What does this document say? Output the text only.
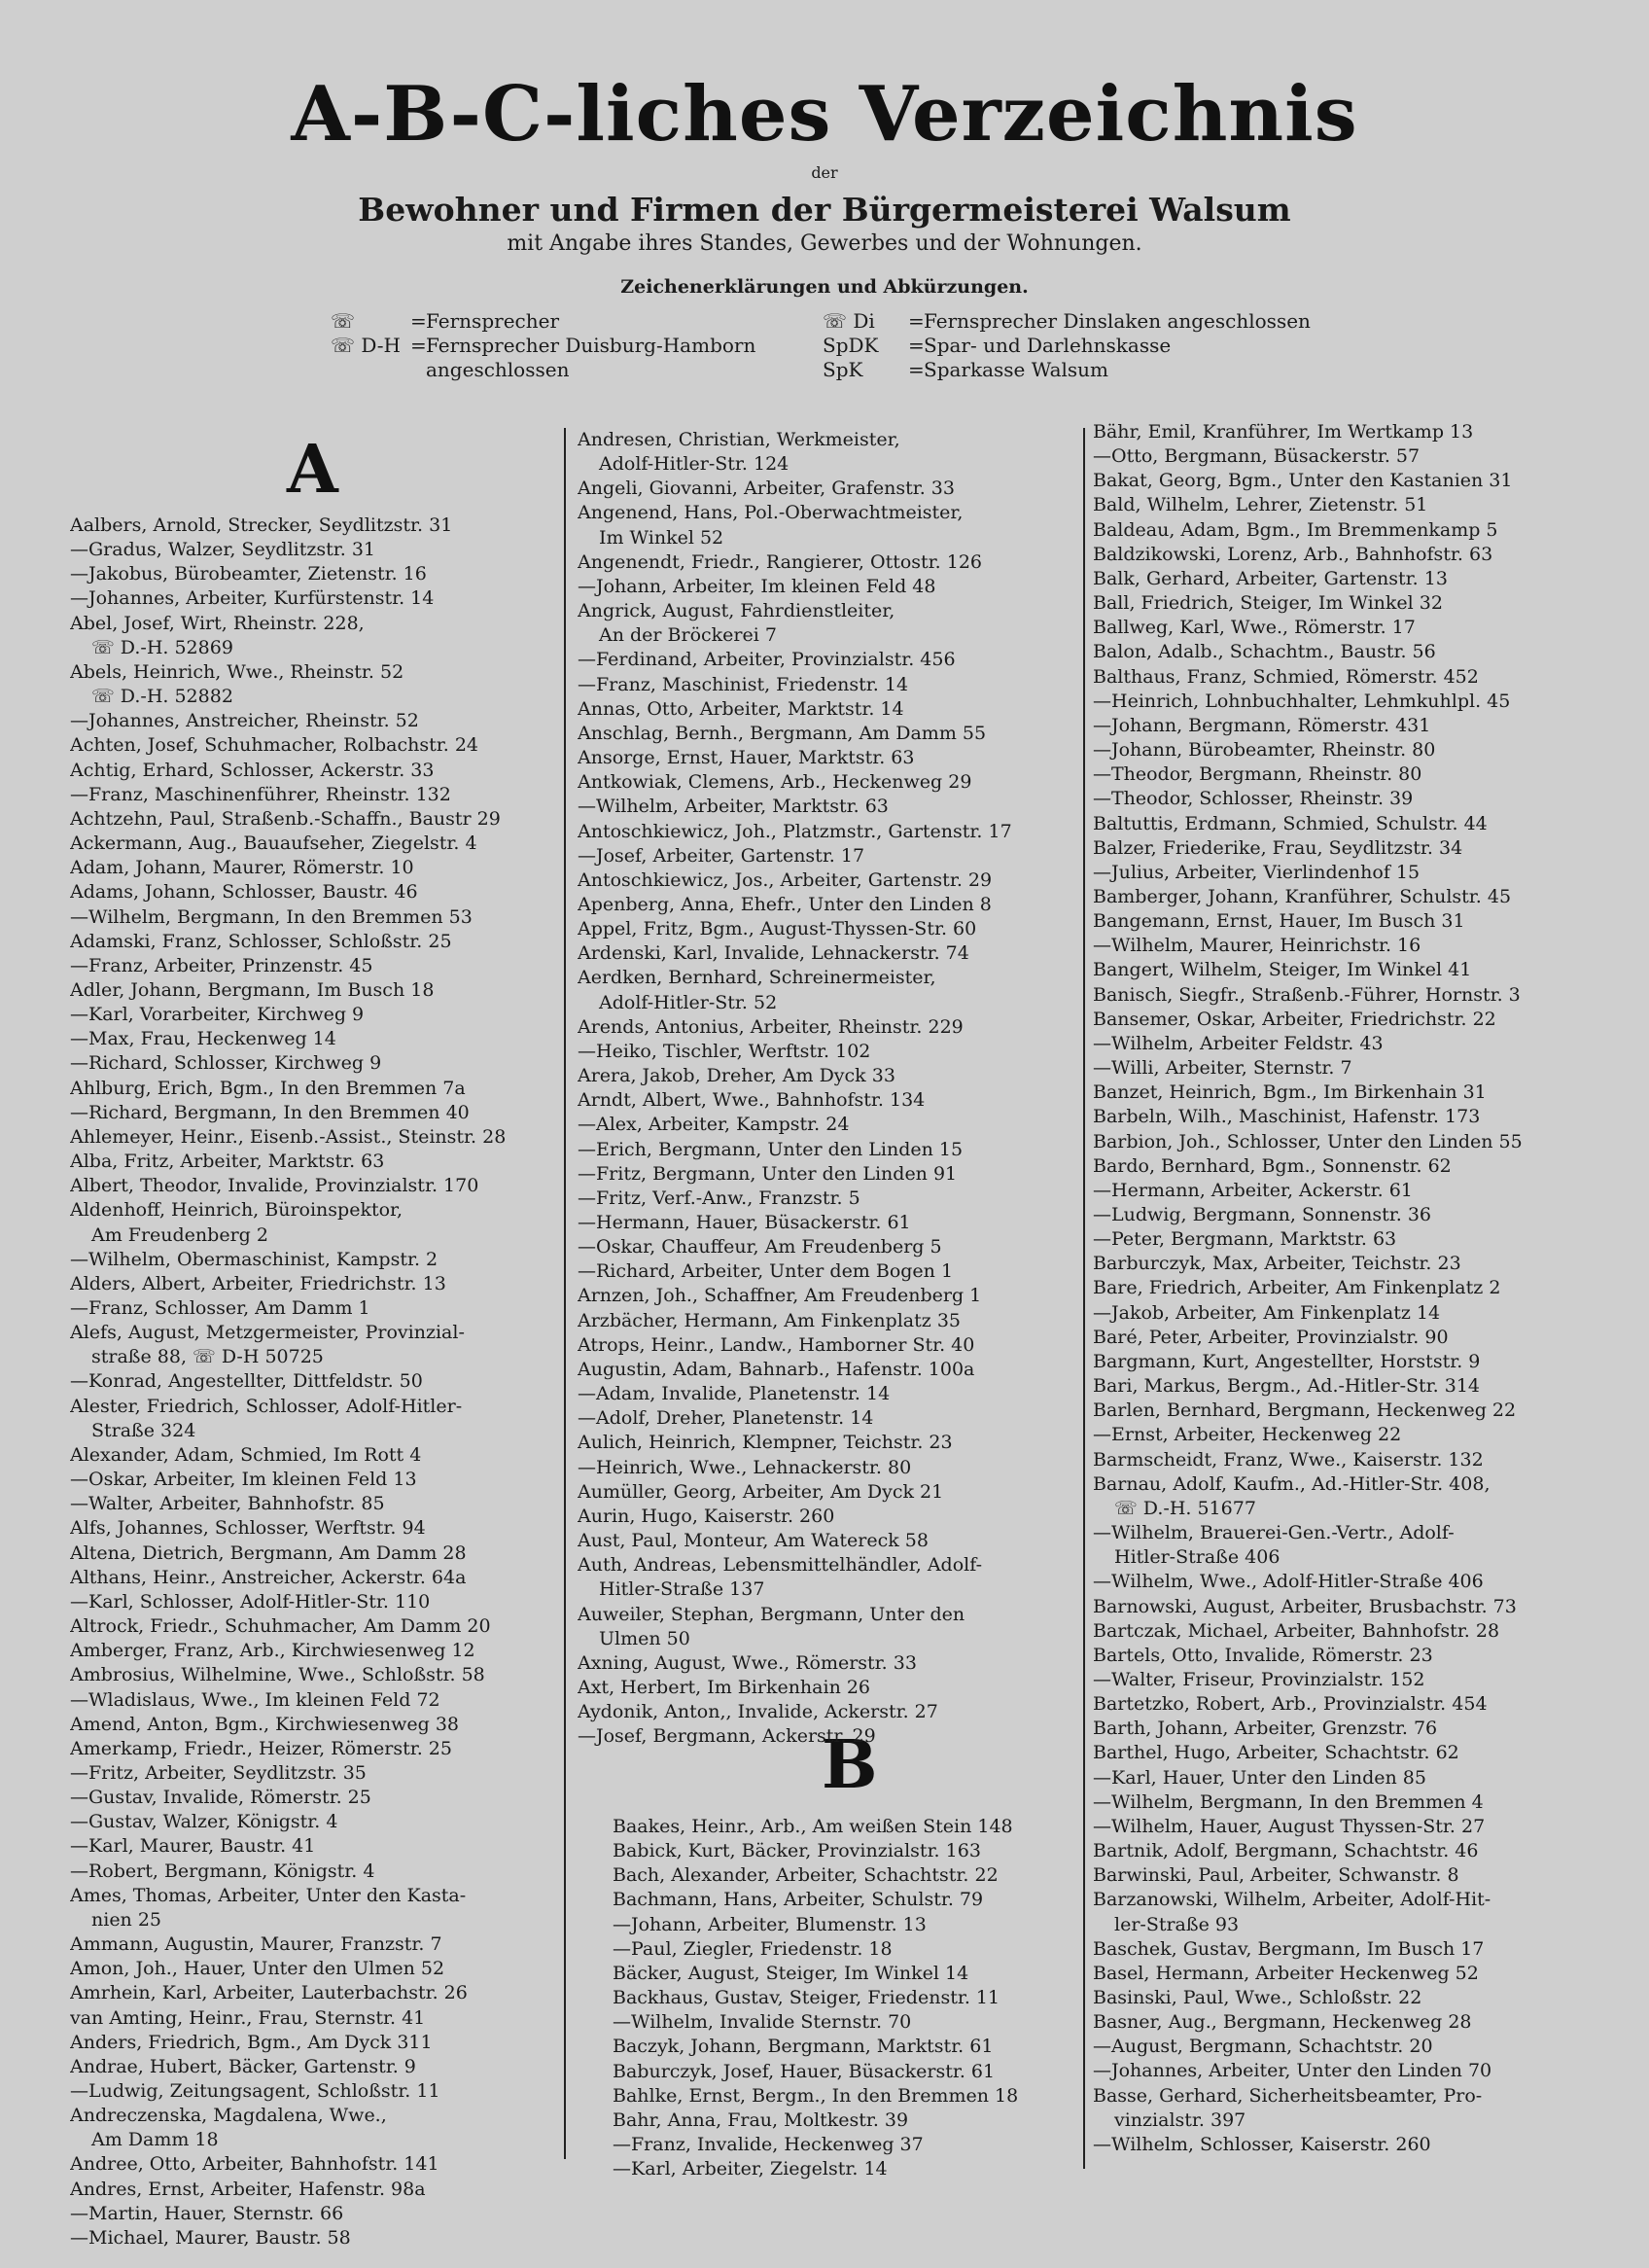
A-B-C-liches Verzeichnis
der
Bewohner und Firmen der Bürgermeisterei Walsum
mit Angabe ihres Standes, Gewerbes und der Wohnungen.
Zeichenerklärungen und Abkürzungen.
☏	= Fernsprecher
☏ D-H = Fernsprecher Duisburg-Hamborn
angeschlossen
☏ Di	= Fernsprecher Dinslaken angeschlossen
SpDK	= Spar- und Darlehnskasse
SpK	= Sparkasse Walsum
A
B
Aalbers, Arnold, Strecker, Seydlitzstr. 31
—Gradus, Walzer, Seydlitzstr. 31
—Jakobus, Bürobeamter, Zietenstr. 16
—Johannes, Arbeiter, Kurfürstenstr. 14
Abel, Josef, Wirt, Rheinstr. 228,
☏ D.-H. 52869
Abels, Heinrich, Wwe., Rheinstr. 52
☏ D.-H. 52882
—Johannes, Anstreicher, Rheinstr. 52
Achten, Josef, Schuhmacher, Rolbachstr. 24
Achtig, Erhard, Schlosser, Ackerstr. 33
—Franz, Maschinenführer, Rheinstr. 132
Achtzehn, Paul, Straßenb.-Schaffn., Baustr 29
Ackermann, Aug., Bauaufseher, Ziegelstr. 4
Adam, Johann, Maurer, Römerstr. 10
Adams, Johann, Schlosser, Baustr. 46
—Wilhelm, Bergmann, In den Bremmen 53
Adamski, Franz, Schlosser, Schloßstr. 25
—Franz, Arbeiter, Prinzenstr. 45
Adler, Johann, Bergmann, Im Busch 18
—Karl, Vorarbeiter, Kirchweg 9
—Max, Frau, Heckenweg 14
—Richard, Schlosser, Kirchweg 9
Ahlburg, Erich, Bgm., In den Bremmen 7a
—Richard, Bergmann, In den Bremmen 40
Ahlemeyer, Heinr., Eisenb.-Assist., Steinstr. 28
Alba, Fritz, Arbeiter, Marktstr. 63
Albert, Theodor, Invalide, Provinzialstr. 170
Aldenhoff, Heinrich, Büroinspektor,
Am Freudenberg 2
—Wilhelm, Obermaschinist, Kampstr. 2
Alders, Albert, Arbeiter, Friedrichstr. 13
—Franz, Schlosser, Am Damm 1
Alefs, August, Metzgermeister, Provinzial-
straße 88, ☏ D-H 50725
—Konrad, Angestellter, Dittfeldstr. 50
Alester, Friedrich, Schlosser, Adolf-Hitler-
Straße 324
Alexander, Adam, Schmied, Im Rott 4
—Oskar, Arbeiter, Im kleinen Feld 13
—Walter, Arbeiter, Bahnhofstr. 85
Alfs, Johannes, Schlosser, Werftstr. 94
Altena, Dietrich, Bergmann, Am Damm 28
Althans, Heinr., Anstreicher, Ackerstr. 64a
—Karl, Schlosser, Adolf-Hitler-Str. 110
Altrock, Friedr., Schuhmacher, Am Damm 20
Amberger, Franz, Arb., Kirchwiesenweg 12
Ambrosius, Wilhelmine, Wwe., Schloßstr. 58
—Wladislaus, Wwe., Im kleinen Feld 72
Amend, Anton, Bgm., Kirchwiesenweg 38
Amerkamp, Friedr., Heizer, Römerstr. 25
—Fritz, Arbeiter, Seydlitzstr. 35
—Gustav, Invalide, Römerstr. 25
—Gustav, Walzer, Königstr. 4
—Karl, Maurer, Baustr. 41
—Robert, Bergmann, Königstr. 4
Ames, Thomas, Arbeiter, Unter den Kasta-
nien 25
Ammann, Augustin, Maurer, Franzstr. 7
Amon, Joh., Hauer, Unter den Ulmen 52
Amrhein, Karl, Arbeiter, Lauterbachstr. 26
van Amting, Heinr., Frau, Sternstr. 41
Anders, Friedrich, Bgm., Am Dyck 311
Andrae, Hubert, Bäcker, Gartenstr. 9
—Ludwig, Zeitungsagent, Schloßstr. 11
Andreczenska, Magdalena, Wwe.,
Am Damm 18
Andree, Otto, Arbeiter, Bahnhofstr. 141
Andres, Ernst, Arbeiter, Hafenstr. 98a
—Martin, Hauer, Sternstr. 66
—Michael, Maurer, Baustr. 58
Andresen, Christian, Werkmeister,
Adolf-Hitler-Str. 124
Angeli, Giovanni, Arbeiter, Grafenstr. 33
Angenend, Hans, Pol.-Oberwachtmeister,
Im Winkel 52
Angenendt, Friedr., Rangierer, Ottostr. 126
—Johann, Arbeiter, Im kleinen Feld 48
Angrick, August, Fahrdienstleiter,
An der Bröckerei 7
—Ferdinand, Arbeiter, Provinzialstr. 456
—Franz, Maschinist, Friedenstr. 14
Annas, Otto, Arbeiter, Marktstr. 14
Anschlag, Bernh., Bergmann, Am Damm 55
Ansorge, Ernst, Hauer, Marktstr. 63
Antkowiak, Clemens, Arb., Heckenweg 29
—Wilhelm, Arbeiter, Marktstr. 63
Antoschkiewicz, Joh., Platzmstr., Gartenstr. 17
—Josef, Arbeiter, Gartenstr. 17
Antoschkiewicz, Jos., Arbeiter, Gartenstr. 29
Apenberg, Anna, Ehefr., Unter den Linden 8
Appel, Fritz, Bgm., August-Thyssen-Str. 60
Ardenski, Karl, Invalide, Lehnackerstr. 74
Aerdken, Bernhard, Schreinermeister,
Adolf-Hitler-Str. 52
Arends, Antonius, Arbeiter, Rheinstr. 229
—Heiko, Tischler, Werftstr. 102
Arera, Jakob, Dreher, Am Dyck 33
Arndt, Albert, Wwe., Bahnhofstr. 134
—Alex, Arbeiter, Kampstr. 24
—Erich, Bergmann, Unter den Linden 15
—Fritz, Bergmann, Unter den Linden 91
—Fritz, Verf.-Anw., Franzstr. 5
—Hermann, Hauer, Büsackerstr. 61
—Oskar, Chauffeur, Am Freudenberg 5
—Richard, Arbeiter, Unter dem Bogen 1
Arnzen, Joh., Schaffner, Am Freudenberg 1
Arzbächer, Hermann, Am Finkenplatz 35
Atrops, Heinr., Landw., Hamborner Str. 40
Augustin, Adam, Bahnarb., Hafenstr. 100a
—Adam, Invalide, Planetenstr. 14
—Adolf, Dreher, Planetenstr. 14
Aulich, Heinrich, Klempner, Teichstr. 23
—Heinrich, Wwe., Lehnackerstr. 80
Aumüller, Georg, Arbeiter, Am Dyck 21
Aurin, Hugo, Kaiserstr. 260
Aust, Paul, Monteur, Am Watereck 58
Auth, Andreas, Lebensmittelhändler, Adolf-
Hitler-Straße 137
Auweiler, Stephan, Bergmann, Unter den
Ulmen 50
Axning, August, Wwe., Römerstr. 33
Axt, Herbert, Im Birkenhain 26
Aydonik, Anton,, Invalide, Ackerstr. 27
—Josef, Bergmann, Ackerstr. 29
Baakes, Heinr., Arb., Am weißen Stein 148
Babick, Kurt, Bäcker, Provinzialstr. 163
Bach, Alexander, Arbeiter, Schachtstr. 22
Bachmann, Hans, Arbeiter, Schulstr. 79
—Johann, Arbeiter, Blumenstr. 13
—Paul, Ziegler, Friedenstr. 18
Bäcker, August, Steiger, Im Winkel 14
Backhaus, Gustav, Steiger, Friedenstr. 11
—Wilhelm, Invalide Sternstr. 70
Baczyk, Johann, Bergmann, Marktstr. 61
Baburczyk, Josef, Hauer, Büsackerstr. 61
Bahlke, Ernst, Bergm., In den Bremmen 18
Bahr, Anna, Frau, Moltkestr. 39
—Franz, Invalide, Heckenweg 37
—Karl, Arbeiter, Ziegelstr. 14
Bähr, Emil, Kranführer, Im Wertkamp 13
—Otto, Bergmann, Büsackerstr. 57
Bakat, Georg, Bgm., Unter den Kastanien 31
Bald, Wilhelm, Lehrer, Zietenstr. 51
Baldeau, Adam, Bgm., Im Bremmenkamp 5
Baldzikowski, Lorenz, Arb., Bahnhofstr. 63
Balk, Gerhard, Arbeiter, Gartenstr. 13
Ball, Friedrich, Steiger, Im Winkel 32
Ballweg, Karl, Wwe., Römerstr. 17
Balon, Adalb., Schachtm., Baustr. 56
Balthaus, Franz, Schmied, Römerstr. 452
—Heinrich, Lohnbuchhalter, Lehmkuhlpl. 45
—Johann, Bergmann, Römerstr. 431
—Johann, Bürobeamter, Rheinstr. 80
—Theodor, Bergmann, Rheinstr. 80
—Theodor, Schlosser, Rheinstr. 39
Baltuttis, Erdmann, Schmied, Schulstr. 44
Balzer, Friederike, Frau, Seydlitzstr. 34
—Julius, Arbeiter, Vierlindenhof 15
Bamberger, Johann, Kranführer, Schulstr. 45
Bangemann, Ernst, Hauer, Im Busch 31
—Wilhelm, Maurer, Heinrichstr. 16
Bangert, Wilhelm, Steiger, Im Winkel 41
Banisch, Siegfr., Straßenb.-Führer, Hornstr. 3
Bansemer, Oskar, Arbeiter, Friedrichstr. 22
—Wilhelm, Arbeiter Feldstr. 43
—Willi, Arbeiter, Sternstr. 7
Banzet, Heinrich, Bgm., Im Birkenhain 31
Barbeln, Wilh., Maschinist, Hafenstr. 173
Barbion, Joh., Schlosser, Unter den Linden 55
Bardo, Bernhard, Bgm., Sonnenstr. 62
—Hermann, Arbeiter, Ackerstr. 61
—Ludwig, Bergmann, Sonnenstr. 36
—Peter, Bergmann, Marktstr. 63
Barburczyk, Max, Arbeiter, Teichstr. 23
Bare, Friedrich, Arbeiter, Am Finkenplatz 2
—Jakob, Arbeiter, Am Finkenplatz 14
Baré, Peter, Arbeiter, Provinzialstr. 90
Bargmann, Kurt, Angestellter, Horststr. 9
Bari, Markus, Bergm., Ad.-Hitler-Str. 314
Barlen, Bernhard, Bergmann, Heckenweg 22
—Ernst, Arbeiter, Heckenweg 22
Barmscheidt, Franz, Wwe., Kaiserstr. 132
Barnau, Adolf, Kaufm., Ad.-Hitler-Str. 408,
☏ D.-H. 51677
—Wilhelm, Brauerei-Gen.-Vertr., Adolf-
Hitler-Straße 406
—Wilhelm, Wwe., Adolf-Hitler-Straße 406
Barnowski, August, Arbeiter, Brusbachstr. 73
Bartczak, Michael, Arbeiter, Bahnhofstr. 28
Bartels, Otto, Invalide, Römerstr. 23
—Walter, Friseur, Provinzialstr. 152
Bartetzko, Robert, Arb., Provinzialstr. 454
Barth, Johann, Arbeiter, Grenzstr. 76
Barthel, Hugo, Arbeiter, Schachtstr. 62
—Karl, Hauer, Unter den Linden 85
—Wilhelm, Bergmann, In den Bremmen 4
—Wilhelm, Hauer, August Thyssen-Str. 27
Bartnik, Adolf, Bergmann, Schachtstr. 46
Barwinski, Paul, Arbeiter, Schwanstr. 8
Barzanowski, Wilhelm, Arbeiter, Adolf-Hit-
ler-Straße 93
Baschek, Gustav, Bergmann, Im Busch 17
Basel, Hermann, Arbeiter Heckenweg 52
Basinski, Paul, Wwe., Schloßstr. 22
Basner, Aug., Bergmann, Heckenweg 28
—August, Bergmann, Schachtstr. 20
—Johannes, Arbeiter, Unter den Linden 70
Basse, Gerhard, Sicherheitsbeamter, Pro-
vinzialstr. 397
—Wilhelm, Schlosser, Kaiserstr. 260
